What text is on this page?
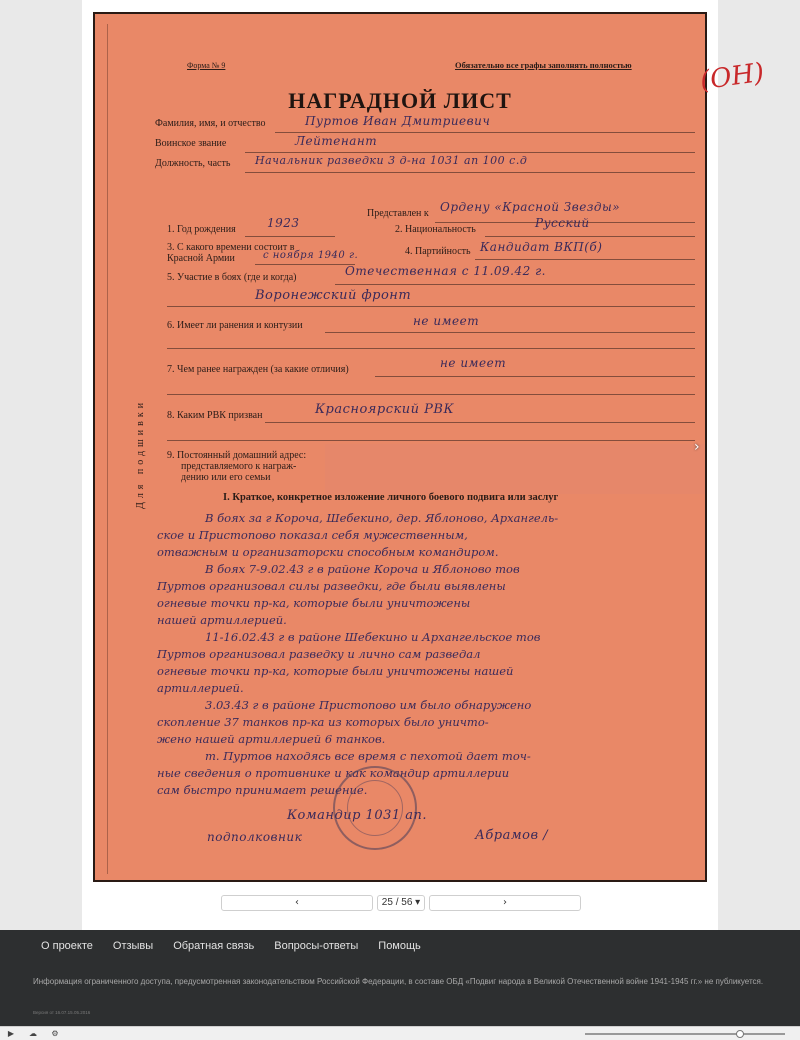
Форма № 9	Обязательно все графы заполнять полностью	(ОН)
НАГРАДНОЙ ЛИСТ
Фамилия, имя, и отчество	Пуртов Иван Дмитриевич
Воинское звание	Лейтенант
Должность, часть Начальник разведки 3 д-на 1031 ап 100 с.д
Представлен к Ордену «Красной Звезды»
1. Год рождения	1923	2. Национальность	Русский
3. С какого времени состоит в Красной Армии	с ноября 1940 г.	4. Партийность Кандидат ВКП(б)
5. Участие в боях (где и когда)	Отечественная с 11.09.42 г.
Воронежский фронт
6. Имеет ли ранения и контузии	не имеет
7. Чем ранее награжден (за какие отличия)	не имеет
8. Каким РВК призван	Красноярский РВК
9. Постоянный домашний адрес:
представляемого к награж-
дению или его семьи
Для подшивки	I. Краткое, конкретное изложение личного боевого подвига или заслуг
В боях за г Короча, Шебекино, дер. Яблоново, Архангель-
ское и Пристопово показал себя мужественным,
отважным и организаторски способным командиром.
В боях 7-9.02.43 г в районе Короча и Яблоново тов
Пуртов организовал силы разведки, где были выявлены
огневые точки пр-ка, которые были уничтожены
нашей артиллерией.
11-16.02.43 г в районе Шебекино и Архангельское тов
Пуртов организовал разведку и лично сам разведал
огневые точки пр-ка, которые были уничтожены нашей
артиллерией.
3.03.43 г в районе Пристопово им было обнаружено
скопление 37 танков пр-ка из которых было уничто-
жено нашей артиллерией 6 танков.
т. Пуртов находясь все время с пехотой дает точ-
ные сведения о противнике и как командир артиллерии
сам быстро принимает решение.
Командир 1031 ап.
подполковник	Абрамов /
›
‹	25 / 56 ▾	›
О проекте Отзывы Обратная связь Вопросы-ответы Помощь
Информация ограниченного доступа, предусмотренная законодательством Российской Федерации, в составе ОБД «Подвиг народа в Великой Отечественной войне 1941-1945 гг.» не публикуется.
Версия от 16.07.15.05.2016
▶ ☁ ⚙
